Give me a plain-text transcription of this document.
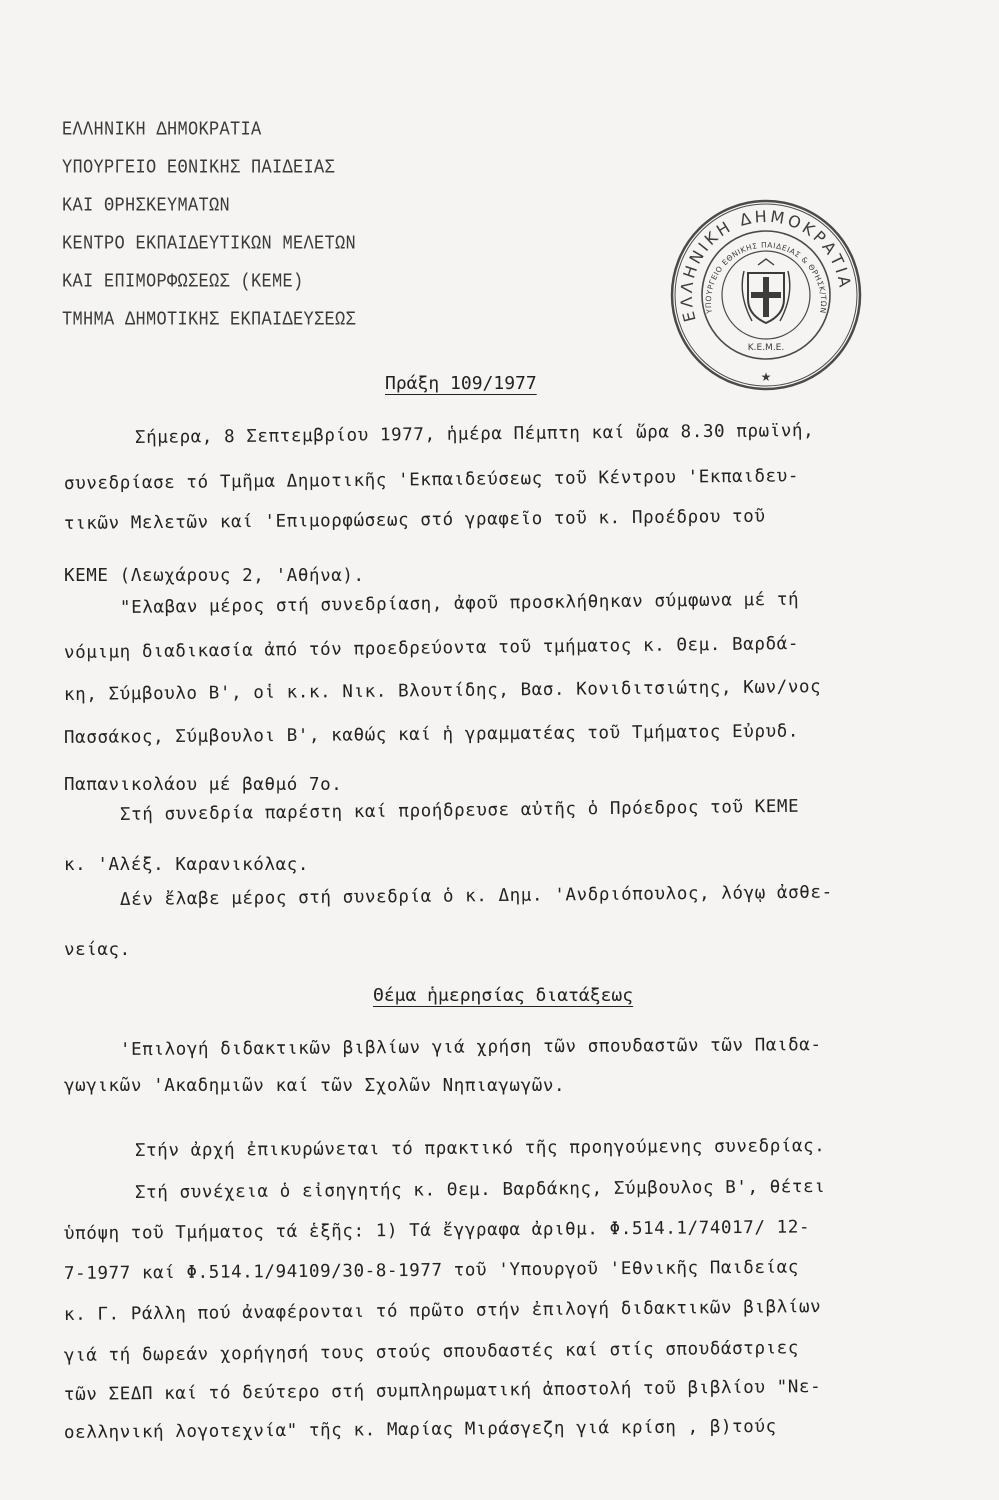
ΕΛΛΗΝΙΚΗ ΔΗΜΟΚΡΑΤΙΑ
ΥΠΟΥΡΓΕΙΟ ΕΘΝΙΚΗΣ ΠΑΙΔΕΙΑΣ
ΚΑΙ ΘΡΗΣΚΕΥΜΑΤΩΝ
ΚΕΝΤΡΟ ΕΚΠΑΙΔΕΥΤΙΚΩΝ ΜΕΛΕΤΩΝ
ΚΑΙ ΕΠΙΜΟΡΦΩΣΕΩΣ (ΚΕΜΕ)
ΤΜΗΜΑ ΔΗΜΟΤΙΚΗΣ ΕΚΠΑΙΔΕΥΣΕΩΣ	ΕΛΛΗΝΙΚΗ ΔΗΜΟΚΡΑΤΙΑ
ΥΠΟΥΡΓΕΙΟ ΕΘΝΙΚΗΣ ΠΑΙΔΕΙΑΣ & ΘΡΗΣΚ/ΤΩΝ
Κ.Ε.Μ.Ε.
★
Πράξη 109/1977
Σήμερα, 8 Σεπτεμβρίου 1977, ἡμέρα Πέμπτη καί ὥρα 8.30 πρωϊνή,
συνεδρίασε τό Τμῆμα Δημοτικῆς 'Εκπαιδεύσεως τοῦ Κέντρου 'Εκπαιδευ-
τικῶν Μελετῶν καί 'Επιμορφώσεως στό γραφεῖο τοῦ κ. Προέδρου τοῦ
ΚΕΜΕ (Λεωχάρους 2, 'Αθήνα).
"Ελαβαν μέρος στή συνεδρίαση, ἀφοῦ προσκλήθηκαν σύμφωνα μέ τή
νόμιμη διαδικασία ἀπό τόν προεδρεύοντα τοῦ τμήματος κ. Θεμ. Βαρδά-
κη, Σύμβουλο Β', οἱ κ.κ. Νικ. Βλουτίδης, Βασ. Κονιδιτσιώτης, Κων/νος
Πασσάκος, Σύμβουλοι Β', καθώς καί ἡ γραμματέας τοῦ Τμήματος Εὐρυδ.
Παπανικολάου μέ βαθμό 7ο.
Στή συνεδρία παρέστη καί προήδρευσε αὐτῆς ὁ Πρόεδρος τοῦ ΚΕΜΕ
κ. 'Αλέξ. Καρανικόλας.
Δέν ἔλαβε μέρος στή συνεδρία ὁ κ. Δημ. 'Ανδριόπουλος, λόγῳ ἀσθε-
νείας.
Θέμα ἡμερησίας διατάξεως
'Επιλογή διδακτικῶν βιβλίων γιά χρήση τῶν σπουδαστῶν τῶν Παιδα-
γωγικῶν 'Ακαδημιῶν καί τῶν Σχολῶν Νηπιαγωγῶν.
Στήν ἀρχή ἐπικυρώνεται τό πρακτικό τῆς προηγούμενης συνεδρίας.
Στή συνέχεια ὁ εἰσηγητής κ. Θεμ. Βαρδάκης, Σύμβουλος Β', θέτει
ὑπόψη τοῦ Τμήματος τά ἑξῆς: 1) Τά ἔγγραφα ἀριθμ. Φ.514.1/74017/ 12-
7-1977 καί Φ.514.1/94109/30-8-1977 τοῦ 'Υπουργοῦ 'Εθνικῆς Παιδείας
κ. Γ. Ράλλη πού ἀναφέρονται τό πρῶτο στήν ἐπιλογή διδακτικῶν βιβλίων
γιά τή δωρεάν χορήγησή τους στούς σπουδαστές καί στίς σπουδάστριες
τῶν ΣΕΔΠ καί τό δεύτερο στή συμπληρωματική ἀποστολή τοῦ βιβλίου "Νε-
οελληνική λογοτεχνία" τῆς κ. Μαρίας Μιράσγεζη γιά κρίση , β)τούς
